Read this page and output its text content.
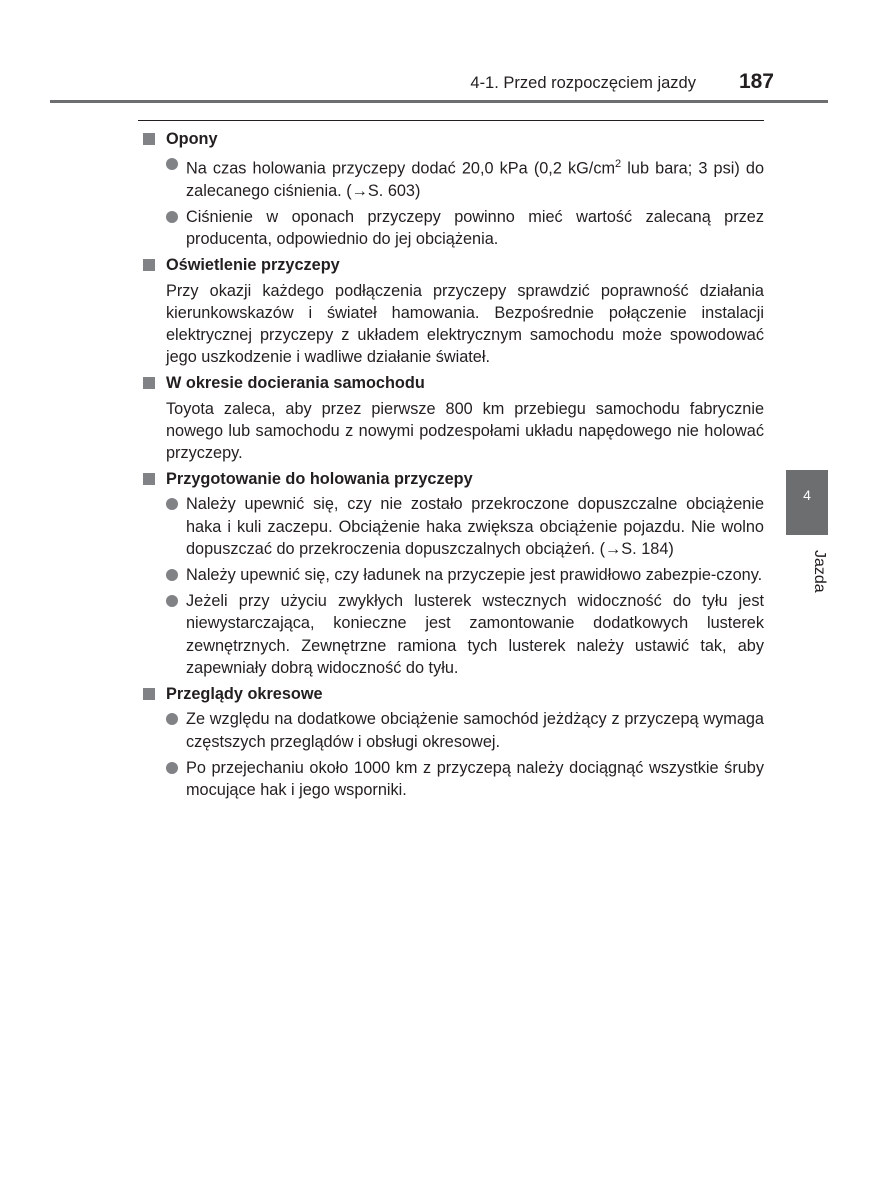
4-1. Przed rozpoczęciem jazdy	187
Opony
Na czas holowania przyczepy dodać 20,0 kPa (0,2 $kG/cm^2$ lub bara; 3 psi) do zalecanego ciśnienia. (→S. 603)
Ciśnienie w oponach przyczepy powinno mieć wartość zalecaną przez producenta, odpowiednio do jej obciążenia.
Oświetlenie przyczepy
Przy okazji każdego podłączenia przyczepy sprawdzić poprawność działania kierunkowskazów i świateł hamowania. Bezpośrednie połączenie instalacji elektrycznej przyczepy z układem elektrycznym samochodu może spowodować jego uszkodzenie i wadliwe działanie świateł.
W okresie docierania samochodu
Toyota zaleca, aby przez pierwsze 800 km przebiegu samochodu fabrycznie nowego lub samochodu z nowymi podzespołami układu napędowego nie holować przyczepy.
Przygotowanie do holowania przyczepy
Należy upewnić się, czy nie zostało przekroczone dopuszczalne obciążenie haka i kuli zaczepu. Obciążenie haka zwiększa obciążenie pojazdu. Nie wolno dopuszczać do przekroczenia dopuszczalnych obciążeń. (→S. 184)
Należy upewnić się, czy ładunek na przyczepie jest prawidłowo zabezpie-czony.
Jeżeli przy użyciu zwykłych lusterek wstecznych widoczność do tyłu jest niewystarczająca, konieczne jest zamontowanie dodatkowych lusterek zewnętrznych. Zewnętrzne ramiona tych lusterek należy ustawić tak, aby zapewniały dobrą widoczność do tyłu.
Przeglądy okresowe
Ze względu na dodatkowe obciążenie samochód jeżdżący z przyczepą wymaga częstszych przeglądów i obsługi okresowej.
Po przejechaniu około 1000 km z przyczepą należy dociągnąć wszystkie śruby mocujące hak i jego wsporniki.
4
Jazda
